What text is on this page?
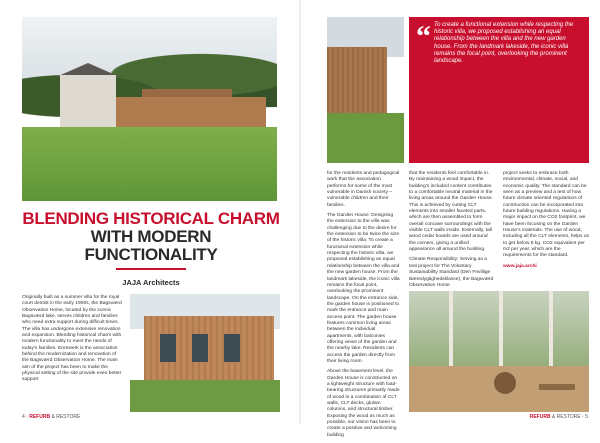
BLENDING HISTORICAL CHARM WITH MODERN
FUNCTIONALITY
JAJA Architects

Originally built as a summer villa for the royal court dentist in the early 1900s, the Bagsværd Observation Home, located by the scenic Bagsværd lake, serves children and families who need extra support during difficult times. The villa has undergone extensive renovation and expansion. Blending historical charm with modern functionality to meet the needs of today's families. Erenwerk is the association behind the modernization and renovation of the Bagsværd Observation Home. The main aim of the project has been to make the physical setting of the site provide even better support

4 · REFURB & RESTORE
“ To create a functional extension while respecting the historic villa, we proposed establishing an equal relationship between the villa and the new garden house. From the landmark lakeside, the iconic villa remains the focal point, overlooking the prominent landscape.

for the residents and pedagogical work that the association performs for some of the most vulnerable in Danish society – vulnerable children and their families.

The Garden House: Designing the extension to the villa was challenging due to the desire for the extension to be twice the size of the historic villa. To create a functional extension while respecting the historic villa, we proposed establishing an equal relationship between the villa and the new garden house. From the landmark lakeside, the iconic villa remains the focal point, overlooking the prominent landscape. On the entrance side, the garden house is positioned to mark the entrance and main access point. The garden house features common living areas between the individual apartments, with balconies offering views of the garden and the nearby lake. Residents can access the garden directly from their living room.

Above the basement level, the Garden House is constructed on a lightweight structure with load-bearing structures primarily made of wood in a combination of CLT walls, CLT decks, glulam columns, and structural timber. Exposing the wood as much as possible, our vision has been to create a positive and welcoming building

that the residents feel comfortable in. By maintaining a wood impact, the building's included content contributes to a comfortable neutral material in the living areas around the Garden House. This is achieved by cutting CLT elements into smaller faceted parts, which are then assembled to form overall concave surroundings with the visible CLT walls inside. Externally, tall wood cedar boards are used around the corners, giving a unified appearance all around the building.

Climate Responsibility: Serving as a test project for The Voluntary Sustainability Standard (Den Frivillige Bæredygtighedsklasse), the Bagsværd Observation Home

project seeks to embrace both environmental, climate, social, and economic quality. The standard can be seen as a preview and a test of how future climate oriented regulations of construction can be incorporated into future building regulations. Having a major impact on the CO2 footprint, we have been focusing on the Garden House's materials. The use of wood, including all the CLT elements, helps us to get below 8 kg. CO2 equivalent per m2 per year, which are the requirements for the standard.

www.jaja.archi

REFURB & RESTORE · 5
